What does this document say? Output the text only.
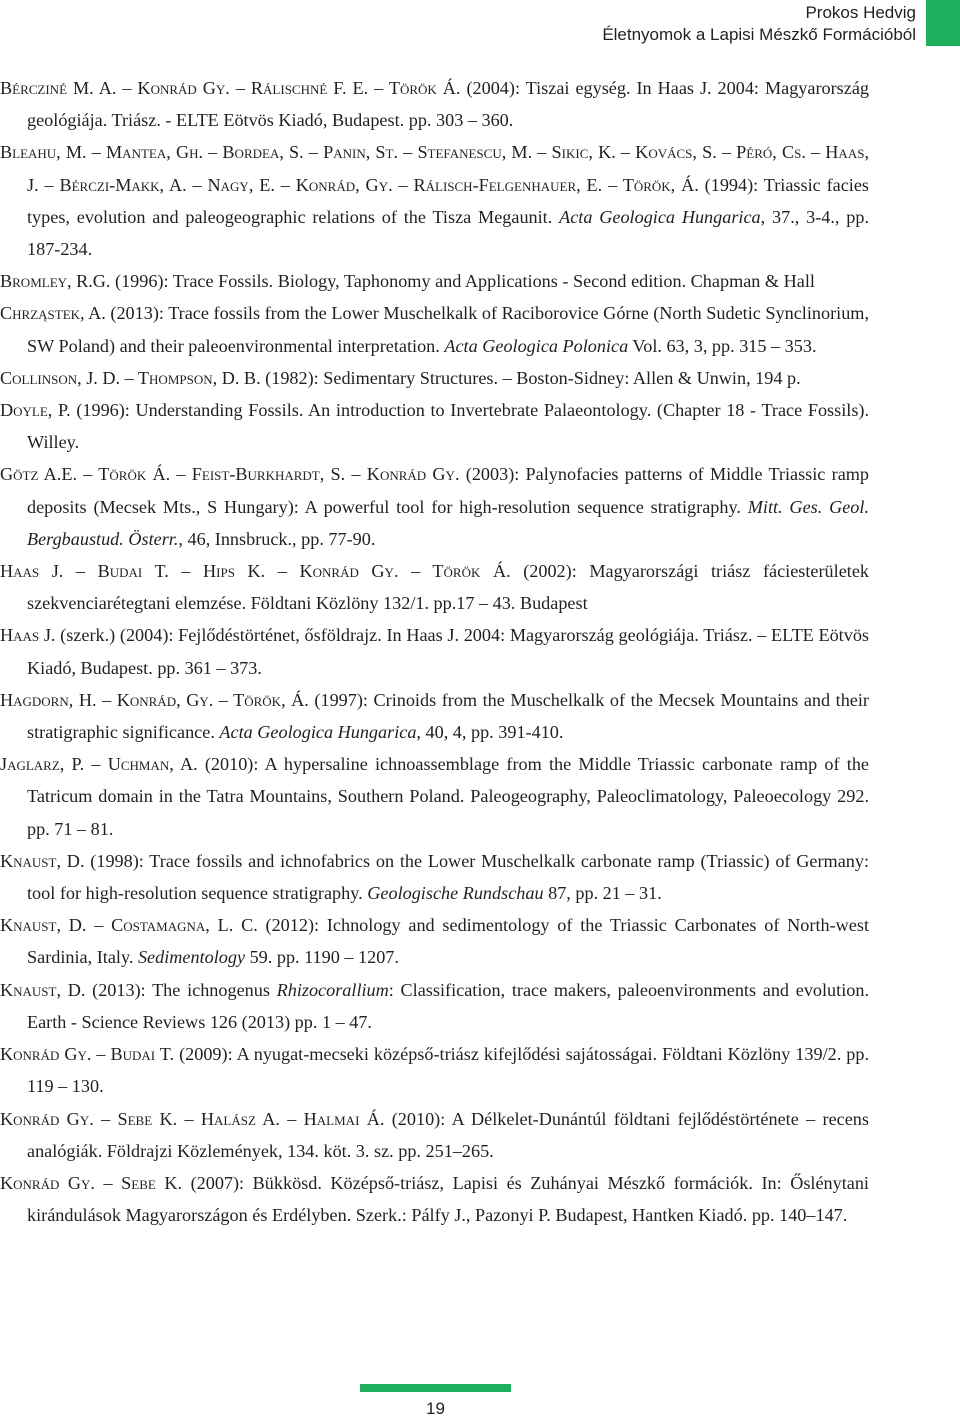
Prokos Hedvig
Életnyomok a Lapisi Mészkő Formációból

Bércziné M. A. – Konrád Gy. – Rálischné F. E. – Török Á. (2004): Tiszai egység. In Haas J. 2004: Magyarország geológiája. Triász. - ELTE Eötvös Kiadó, Budapest. pp. 303 – 360.

Bleahu, M. – Mantea, Gh. – Bordea, S. – Panin, St. – Stefanescu, M. – Sikic, K. – Kovács, S. – Péró, Cs. – Haas, J. – Bérczi-Makk, A. – Nagy, E. – Konrád, Gy. – Ráliscн-Felgenhauer, E. – Török, Á. (1994): Triassic facies types, evolution and paleogeographic relations of the Tisza Megaunit. Acta Geologica Hungarica, 37., 3-4., pp. 187-234.

Bromley, R.G. (1996): Trace Fossils. Biology, Taphonomy and Applications - Second edition. Chapman & Hall

Chrząstek, A. (2013): Trace fossils from the Lower Muschelkalk of Raciborovice Górne (North Sudetic Synclinorium, SW Poland) and their paleoenvironmental interpretation. Acta Geologica Polonica Vol. 63, 3, pp. 315 – 353.

Collinson, J. D. – Thompson, D. B. (1982): Sedimentary Structures. – Boston-Sidney: Allen & Unwin, 194 p.

Doyle, P. (1996): Understanding Fossils. An introduction to Invertebrate Palaeontology. (Chapter 18 - Trace Fossils). Willey.

Götz A.E. – Török Á. – Feist-Burkhardt, S. – Konrád Gy. (2003): Palynofacies patterns of Middle Triassic ramp deposits (Mecsek Mts., S Hungary): A powerful tool for high-resolution sequence stratigraphy. Mitt. Ges. Geol. Bergbaustud. Österr., 46, Innsbruck., pp. 77-90.

Haas J. – Budai T. – Hips K. – Konrád Gy. – Török Á. (2002): Magyarországi triász fáciesterületek szekvenciarétegtani elemzése. Földtani Közlöny 132/1. pp.17 – 43. Budapest

Haas J. (szerk.) (2004): Fejlődéstörténet, ősföldrajz. In Haas J. 2004: Magyarország geológiája. Triász. – ELTE Eötvös Kiadó, Budapest. pp. 361 – 373.

Hagdorn, H. – Konrád, Gy. – Török, Á. (1997): Crinoids from the Muschelkalk of the Mecsek Mountains and their stratigraphic significance. Acta Geologica Hungarica, 40, 4, pp. 391-410.

Jaglarz, P. – Uchman, A. (2010): A hypersaline ichnoassemblage from the Middle Triassic carbonate ramp of the Tatricum domain in the Tatra Mountains, Southern Poland. Paleogeography, Paleoclimatology, Paleoecology 292. pp. 71 – 81.

Knaust, D. (1998): Trace fossils and ichnofabrics on the Lower Muschelkalk carbonate ramp (Triassic) of Germany: tool for high-resolution sequence stratigraphy. Geologische Rundschau 87, pp. 21 – 31.

Knaust, D. – Costamagna, L. C. (2012): Ichnology and sedimentology of the Triassic Carbonates of North-west Sardinia, Italy. Sedimentology 59. pp. 1190 – 1207.

Knaust, D. (2013): The ichnogenus Rhizocorallium: Classification, trace makers, paleoenvironments and evolution. Earth - Science Reviews 126 (2013) pp. 1 – 47.

Konrád Gy. – Budai T. (2009): A nyugat-mecseki középső-triász kifejlődési sajátosságai. Földtani Közlöny 139/2. pp. 119 – 130.

Konrád Gy. – Sebe K. – Halász A. – Halmai Á. (2010): A Délkelet-Dunántúl földtani fejlődéstörténete – recens analógiák. Földrajzi Közlemények, 134. köt. 3. sz. pp. 251–265.

Konrád Gy. – Sebe K. (2007): Bükkösd. Középső-triász, Lapisi és Zuhányai Mészkő formációk. In: Őslénytani kirándulások Magyarországon és Erdélyben. Szerk.: Pálfy J., Pazonyi P. Budapest, Hantken Kiadó. pp. 140–147.

19
